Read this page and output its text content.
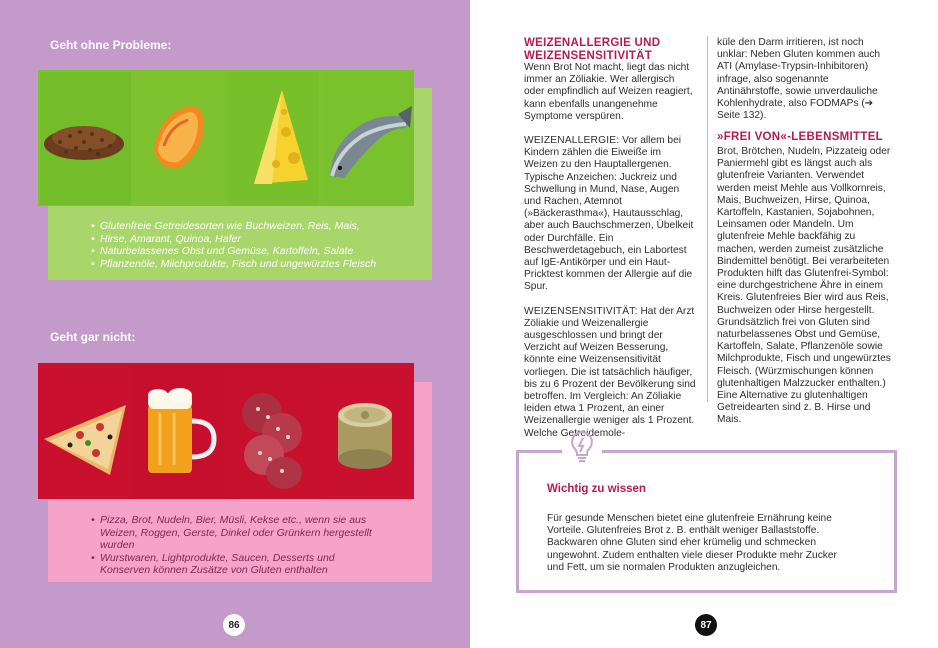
Geht ohne Probleme:
• Glutenfreie Getreidesorten wie Buchweizen, Reis, Mais,
• Hirse, Amarant, Quinoa, Hafer
• Naturbelassenes Obst und Gemüse, Kartoffeln, Salate
• Pflanzenöle, Milchprodukte, Fisch und ungewürztes Fleisch
Geht gar nicht:
• Pizza, Brot, Nudeln, Bier, Müsli, Kekse etc., wenn sie aus Weizen, Roggen, Gerste, Dinkel oder Grünkern hergestellt wurden
• Wurstwaren, Lightprodukte, Saucen, Desserts und Konserven können Zusätze von Gluten enthalten
86
WEIZENALLERGIE UND
WEIZENSENSITIVITÄT

Wenn Brot Not macht, liegt das nicht immer an Zöliakie. Wer allergisch oder empfindlich auf Weizen reagiert, kann ebenfalls unangenehme Symptome verspüren.

WEIZENALLERGIE: Vor allem bei Kindern zählen die Eiweiße im Weizen zu den Hauptallergenen. Typische Anzeichen: Juckreiz und Schwellung in Mund, Nase, Augen und Rachen, Atemnot (»Bäckerasthma«), Hautausschlag, aber auch Bauchschmerzen, Übelkeit oder Durchfälle. Ein Beschwerdetagebuch, ein Labortest auf IgE-Antikörper und ein Haut-Pricktest kommen der Allergie auf die Spur.

WEIZENSENSITIVITÄT: Hat der Arzt Zöliakie und Weizenallergie ausgeschlossen und bringt der Verzicht auf Weizen Besserung, könnte eine Weizensensitivität vorliegen. Die ist tatsächlich häufiger, bis zu 6 Prozent der Bevölkerung sind betroffen. Im Vergleich: An Zöliakie leiden etwa 1 Prozent, an einer Weizenallergie weniger als 1 Prozent. Welche Getreidemole-

küle den Darm irritieren, ist noch unklar: Neben Gluten kommen auch ATI (Amylase-Trypsin-Inhibitoren) infrage, also sogenannte Antinährstoffe, sowie unverdauliche Kohlenhydrate, also FODMAPs (➔ Seite 132).

»FREI VON«-LEBENSMITTEL

Brot, Brötchen, Nudeln, Pizzateig oder Paniermehl gibt es längst auch als glutenfreie Varianten. Verwendet werden meist Mehle aus Vollkornreis, Mais, Buchweizen, Hirse, Quinoa, Kartoffeln, Kastanien, Sojabohnen, Leinsamen oder Mandeln. Um glutenfreie Mehle backfähig zu machen, werden zumeist zusätzliche Bindemittel benötigt. Bei verarbeiteten Produkten hilft das Glutenfrei-Symbol: eine durchgestrichene Ähre in einem Kreis. Glutenfreies Bier wird aus Reis, Buchweizen oder Hirse hergestellt.

Grundsätzlich frei von Gluten sind naturbelassenes Obst und Gemüse, Kartoffeln, Salate, Pflanzenöle sowie Milchprodukte, Fisch und ungewürztes Fleisch. (Würzmischungen können glutenhaltigen Malzzucker enthalten.) Eine Alternative zu glutenhaltigen Getreidearten sind z. B. Hirse und Mais.

Wichtig zu wissen
Für gesunde Menschen bietet eine glutenfreie Ernährung keine Vorteile. Glutenfreies Brot z. B. enthält weniger Ballaststoffe. Backwaren ohne Gluten sind eher krümelig und schmecken ungewohnt. Zudem enthalten viele dieser Produkte mehr Zucker und Fett, um sie normalen Produkten anzugleichen.
87
